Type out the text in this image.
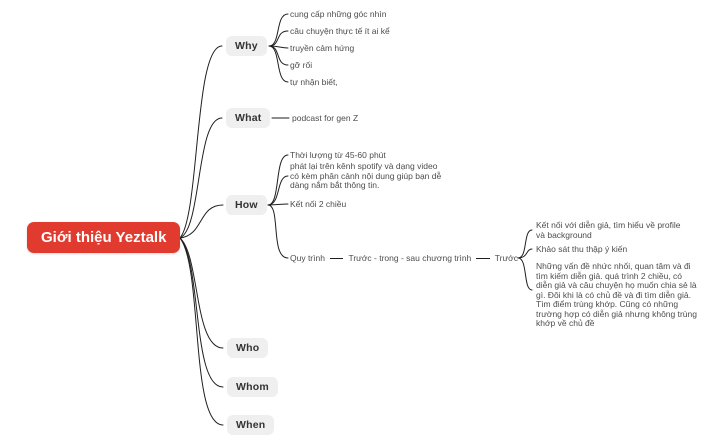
Giới thiệu Yeztalk
Why
What
How
Who
Whom
When
cung cấp những góc nhìn
câu chuyện thực tế ít ai kể
truyền cảm hứng
gỡ rối
tự nhận biết,
podcast for gen Z
Thời lượng từ 45-60 phút
phát lại trên kênh spotify và dạng video có kèm phân cảnh nội dung giúp bạn dễ dàng nắm bắt thông tin.
Kết nối 2 chiều
Quy trình	Trước - trong - sau chương trình	Trước
Kết nối với diễn giả, tìm hiểu về profile và background
Khảo sát thu thập ý kiến
Những vấn đề nhức nhối, quan tâm và đi tìm kiếm diễn giả. quá trình 2 chiều, có diễn giả và câu chuyện họ muốn chia sẻ là gì. Đôi khi là có chủ đề và đi tìm diễn giả. Tìm điểm trùng khớp. Cũng có những trường hợp có diễn giả nhưng không trùng khớp về chủ đề
